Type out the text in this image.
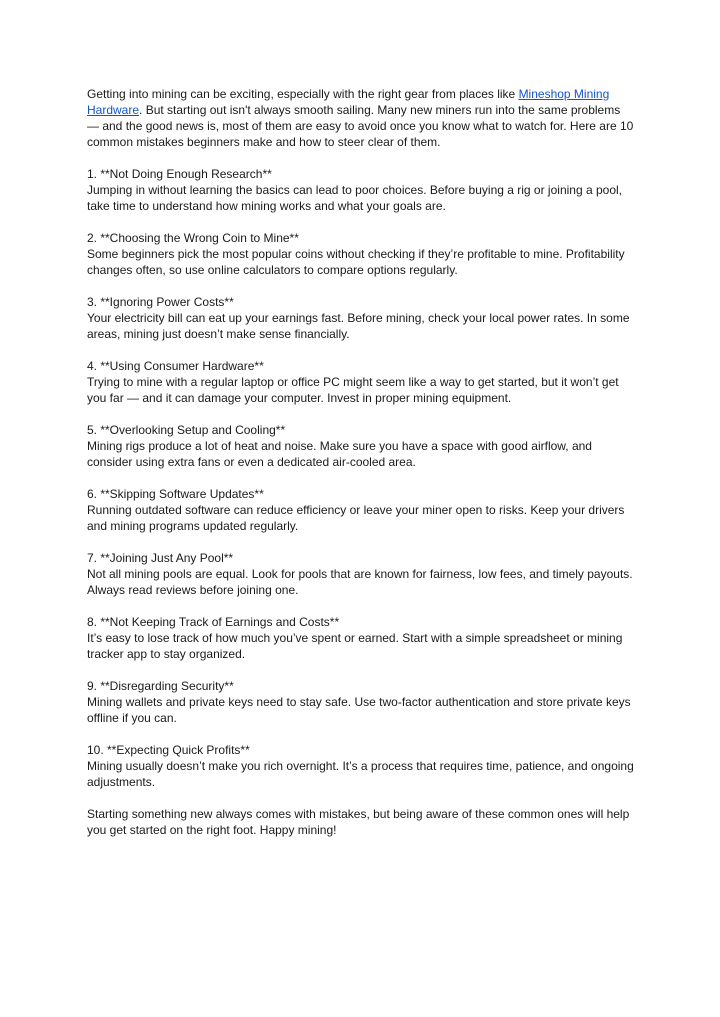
Getting into mining can be exciting, especially with the right gear from places like Mineshop Mining Hardware. But starting out isn't always smooth sailing. Many new miners run into the same problems — and the good news is, most of them are easy to avoid once you know what to watch for. Here are 10 common mistakes beginners make and how to steer clear of them.

1. **Not Doing Enough Research**

Jumping in without learning the basics can lead to poor choices. Before buying a rig or joining a pool, take time to understand how mining works and what your goals are.

2. **Choosing the Wrong Coin to Mine**

Some beginners pick the most popular coins without checking if they’re profitable to mine. Profitability changes often, so use online calculators to compare options regularly.

3. **Ignoring Power Costs**

Your electricity bill can eat up your earnings fast. Before mining, check your local power rates. In some areas, mining just doesn’t make sense financially.

4. **Using Consumer Hardware**

Trying to mine with a regular laptop or office PC might seem like a way to get started, but it won’t get you far — and it can damage your computer. Invest in proper mining equipment.

5. **Overlooking Setup and Cooling**

Mining rigs produce a lot of heat and noise. Make sure you have a space with good airflow, and consider using extra fans or even a dedicated air-cooled area.

6. **Skipping Software Updates**

Running outdated software can reduce efficiency or leave your miner open to risks. Keep your drivers and mining programs updated regularly.

7. **Joining Just Any Pool**

Not all mining pools are equal. Look for pools that are known for fairness, low fees, and timely payouts. Always read reviews before joining one.

8. **Not Keeping Track of Earnings and Costs**

It’s easy to lose track of how much you’ve spent or earned. Start with a simple spreadsheet or mining tracker app to stay organized.

9. **Disregarding Security**

Mining wallets and private keys need to stay safe. Use two-factor authentication and store private keys offline if you can.

10. **Expecting Quick Profits**

Mining usually doesn’t make you rich overnight. It’s a process that requires time, patience, and ongoing adjustments.

Starting something new always comes with mistakes, but being aware of these common ones will help you get started on the right foot. Happy mining!
